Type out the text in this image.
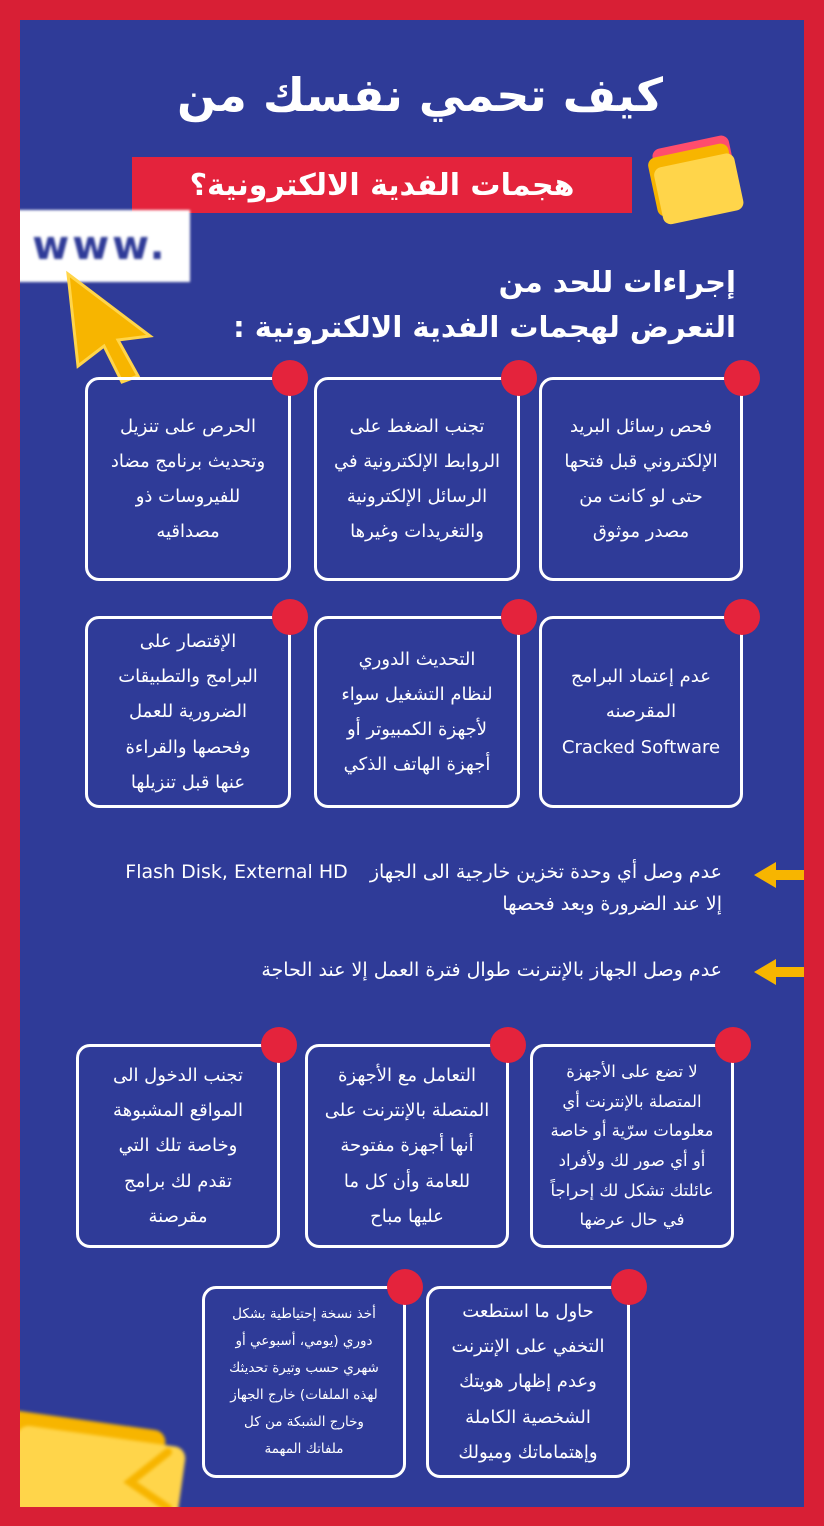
كيف تحمي نفسك من
هجمات الفدية الالكترونية؟
www.
إجراءات للحد من
التعرض لهجمات الفدية الالكترونية :
فحص رسائل البريد
الإلكتروني قبل فتحها
حتى لو كانت من
مصدر موثوق
تجنب الضغط على
الروابط الإلكترونية في
الرسائل الإلكترونية
والتغريدات وغيرها
الحرص على تنزيل
وتحديث برنامج مضاد
للفيروسات ذو
مصداقيه
عدم إعتماد البرامج
المقرصنه
Cracked Software
التحديث الدوري
لنظام التشغيل سواء
لأجهزة الكمبيوتر أو
أجهزة الهاتف الذكي
الإقتصار على
البرامج والتطبيقات
الضرورية للعمل
وفحصها والقراءة
عنها قبل تنزيلها
عدم وصل أي وحدة تخزين خارجية الى الجهاز Flash Disk, External HD
إلا عند الضرورة وبعد فحصها
عدم وصل الجهاز بالإنترنت طوال فترة العمل إلا عند الحاجة
لا تضع على الأجهزة
المتصلة بالإنترنت أي
معلومات سرّية أو خاصة
أو أي صور لك ولأفراد
عائلتك تشكل لك إحراجاً
في حال عرضها
التعامل مع الأجهزة
المتصلة بالإنترنت على
أنها أجهزة مفتوحة
للعامة وأن كل ما
عليها مباح
تجنب الدخول الى
المواقع المشبوهة
وخاصة تلك التي
تقدم لك برامج
مقرصنة
حاول ما استطعت
التخفي على الإنترنت
وعدم إظهار هويتك
الشخصية الكاملة
وإهتماماتك وميولك
أخذ نسخة إحتياطية بشكل
دوري (يومي، أسبوعي أو
شهري حسب وتيرة تحديثك
لهذه الملفات) خارج الجهاز
وخارج الشبكة من كل
ملفاتك المهمة
